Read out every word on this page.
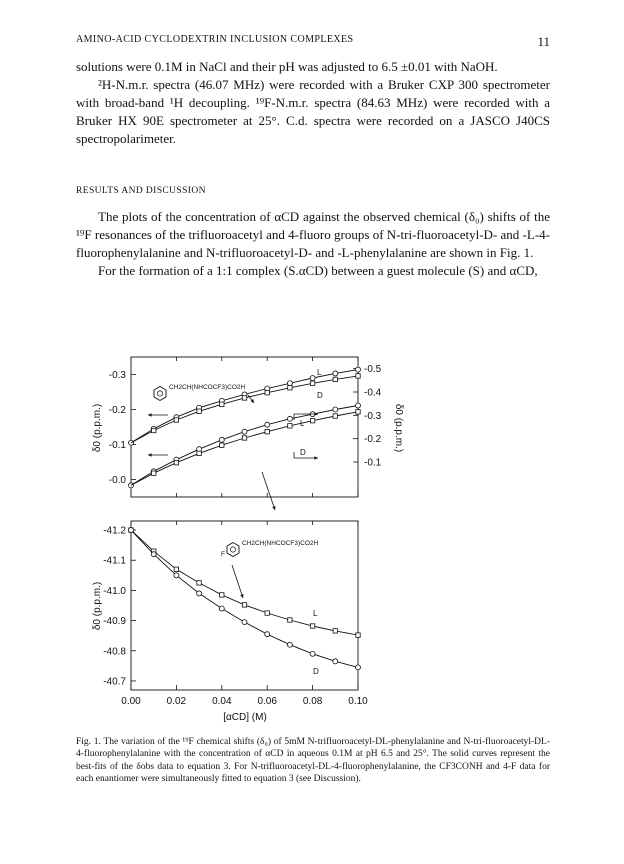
AMINO-ACID CYCLODEXTRIN INCLUSION COMPLEXES	11

solutions were 0.1M in NaCl and their pH was adjusted to 6.5 ±0.01 with NaOH.

²H-N.m.r. spectra (46.07 MHz) were recorded with a Bruker CXP 300 spectrometer with broad-band ¹H decoupling. ¹⁹F-N.m.r. spectra (84.63 MHz) were recorded with a Bruker HX 90E spectrometer at 25°. C.d. spectra were recorded on a JASCO J40CS spectropolarimeter.

RESULTS AND DISCUSSION

The plots of the concentration of αCD against the observed chemical (δ₀) shifts of the ¹⁹F resonances of the trifluoroacetyl and 4-fluoro groups of N-tri-fluoroacetyl-D- and -L-4-fluorophenylalanine and N-trifluoroacetyl-D- and -L-phenylalanine are shown in Fig. 1.

For the formation of a 1:1 complex (S.αCD) between a guest molecule (S) and αCD,

-0.3
-0.2
-0.1
-0.0
-0.5
-0.4
-0.3
-0.2
-0.1
δ0 (p.p.m.)	δ0 (p.p.m.)
L
D
L
D
-41.2
-41.1
-41.0
-40.9
-40.8
-40.7
0.00	0.02	0.04	0.06	0.08	0.10
δ0 (p.p.m.)
[αCD] (M)
L
D
CH2CH(NHCOCF3)CO2H
F
CH2CH(NHCOCF3)CO2H
Fig. 1. The variation of the ¹⁹F chemical shifts (δ₀) of 5mM N-trifluoroacetyl-DL-phenylalanine and N-tri-fluoroacetyl-DL-4-fluorophenylalanine with the concentration of αCD in aqueous 0.1M at pH 6.5 and 25°. The solid curves represent the best-fits of the δobs data to equation 3. For N-trifluoroacetyl-DL-4-fluorophenylalanine, the CF3CONH and 4-F data for each enantiomer were simultaneously fitted to equation 3 (see Discussion).
